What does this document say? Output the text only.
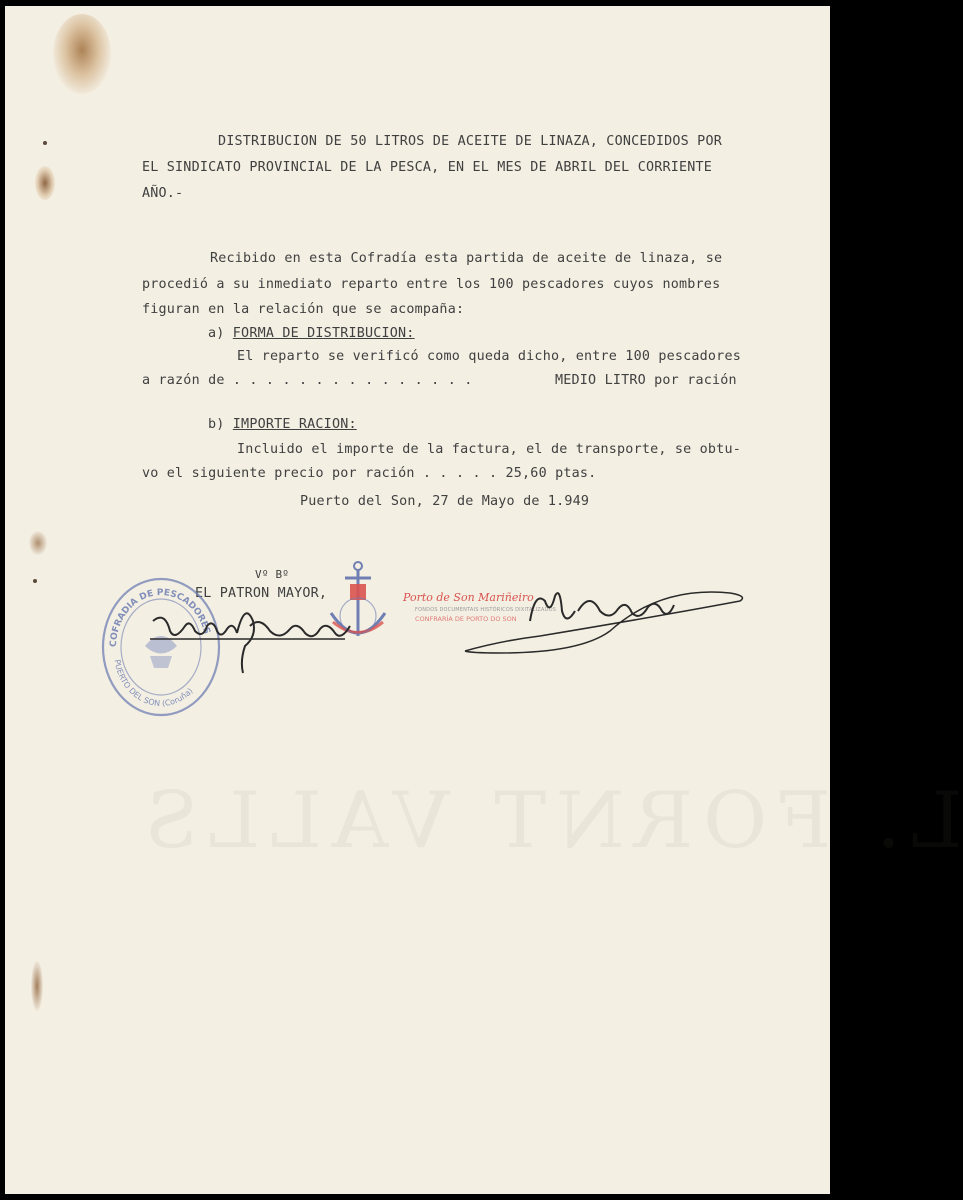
L. FORNT VALLS
DISTRIBUCION DE 50 LITROS DE ACEITE DE LINAZA, CONCEDIDOS POR
EL SINDICATO PROVINCIAL DE LA PESCA, EN EL MES DE ABRIL DEL CORRIENTE
AÑO.-
Recibido en esta Cofradía esta partida de aceite de linaza, se
procedió a su inmediato reparto entre los 100 pescadores cuyos nombres
figuran en la relación que se acompaña:
a) FORMA DE DISTRIBUCION:
El reparto se verificó como queda dicho, entre 100 pescadores
a razón de . . . . . . . . . . . . . . .	MEDIO LITRO por ración
b) IMPORTE RACION:
Incluido el importe de la factura, el de transporte, se obtu-
vo el siguiente precio por ración . . . . . 25,60 ptas.
Puerto del Son, 27 de Mayo de 1.949
Vº Bº
EL PATRON MAYOR,
COFRADIA DE PESCADORES
PUERTO DEL SON (Coruña)
Porto de Son Mariñeiro
FONDOS DOCUMENTAIS HISTÓRICOS DIXITALIZADOS
CONFRARÍA DE PORTO DO SON
